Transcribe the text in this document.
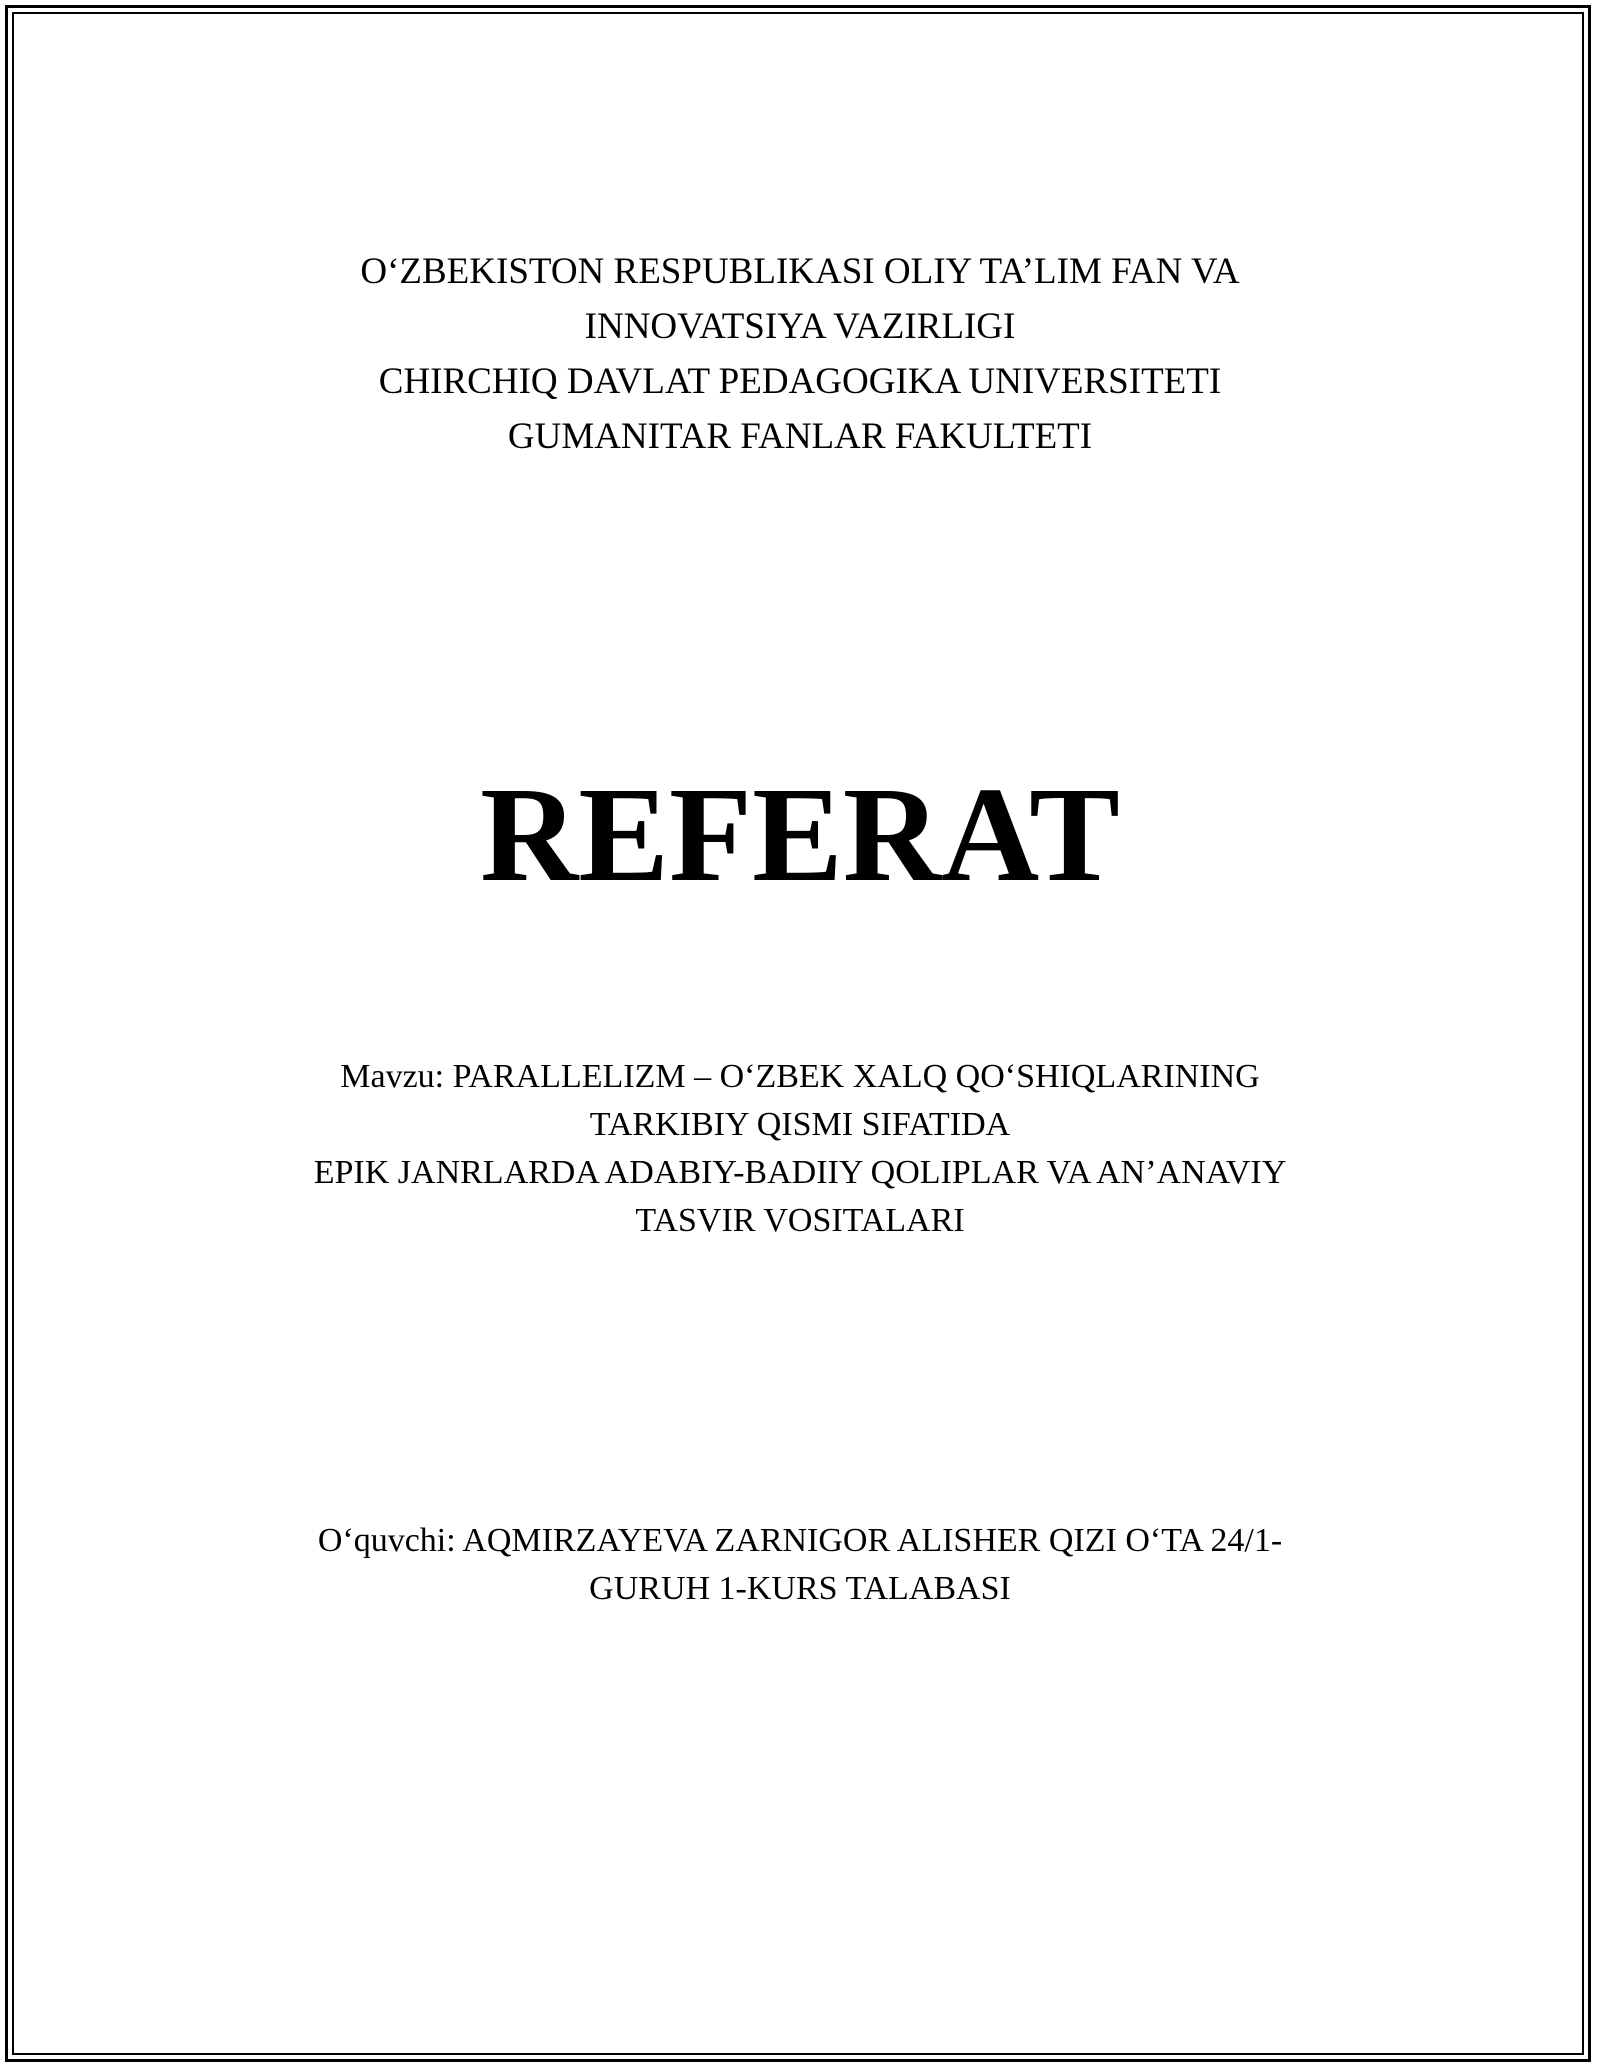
O‘ZBEKISTON RESPUBLIKASI OLIY TA’LIM FAN VA
INNOVATSIYA VAZIRLIGI
CHIRCHIQ DAVLAT PEDAGOGIKA UNIVERSITETI
GUMANITAR FANLAR FAKULTETI
REFERAT
Mavzu: PARALLELIZM – O‘ZBEK XALQ QO‘SHIQLARINING
TARKIBIY QISMI SIFATIDA
EPIK JANRLARDA ADABIY-BADIIY QOLIPLAR VA AN’ANAVIY
TASVIR VOSITALARI
O‘quvchi: AQMIRZAYEVA ZARNIGOR ALISHER QIZI O‘TA 24/1-
GURUH 1-KURS TALABASI
